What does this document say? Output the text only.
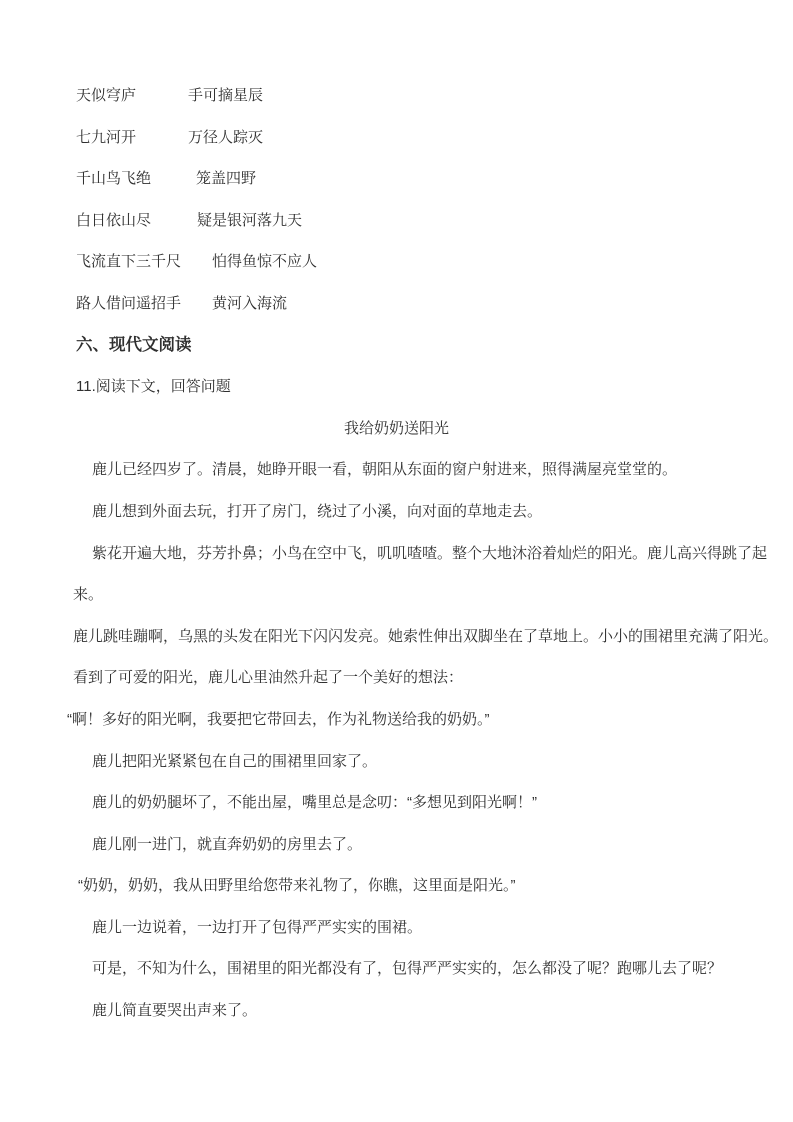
天似穹庐	手可摘星辰
七九河开	万径人踪灭
千山鸟飞绝	笼盖四野
白日依山尽	疑是银河落九天
飞流直下三千尺 怕得鱼惊不应人
路人借问遥招手 黄河入海流
六、现代文阅读
11.阅读下文，回答问题
我给奶奶送阳光
鹿儿已经四岁了。清晨，她睁开眼一看，朝阳从东面的窗户射进来，照得满屋亮堂堂的。
鹿儿想到外面去玩，打开了房门，绕过了小溪，向对面的草地走去。
紫花开遍大地，芬芳扑鼻；小鸟在空中飞，叽叽喳喳。整个大地沐浴着灿烂的阳光。鹿儿高兴得跳了起
来。
鹿儿跳哇蹦啊，乌黑的头发在阳光下闪闪发亮。她索性伸出双脚坐在了草地上。小小的围裙里充满了阳光。
看到了可爱的阳光，鹿儿心里油然升起了一个美好的想法：
“啊！多好的阳光啊，我要把它带回去，作为礼物送给我的奶奶。”
鹿儿把阳光紧紧包在自己的围裙里回家了。
鹿儿的奶奶腿坏了，不能出屋，嘴里总是念叨：“多想见到阳光啊！”
鹿儿刚一进门，就直奔奶奶的房里去了。
“奶奶，奶奶，我从田野里给您带来礼物了，你瞧，这里面是阳光。”
鹿儿一边说着，一边打开了包得严严实实的围裙。
可是，不知为什么，围裙里的阳光都没有了，包得严严实实的，怎么都没了呢？跑哪儿去了呢？
鹿儿简直要哭出声来了。
